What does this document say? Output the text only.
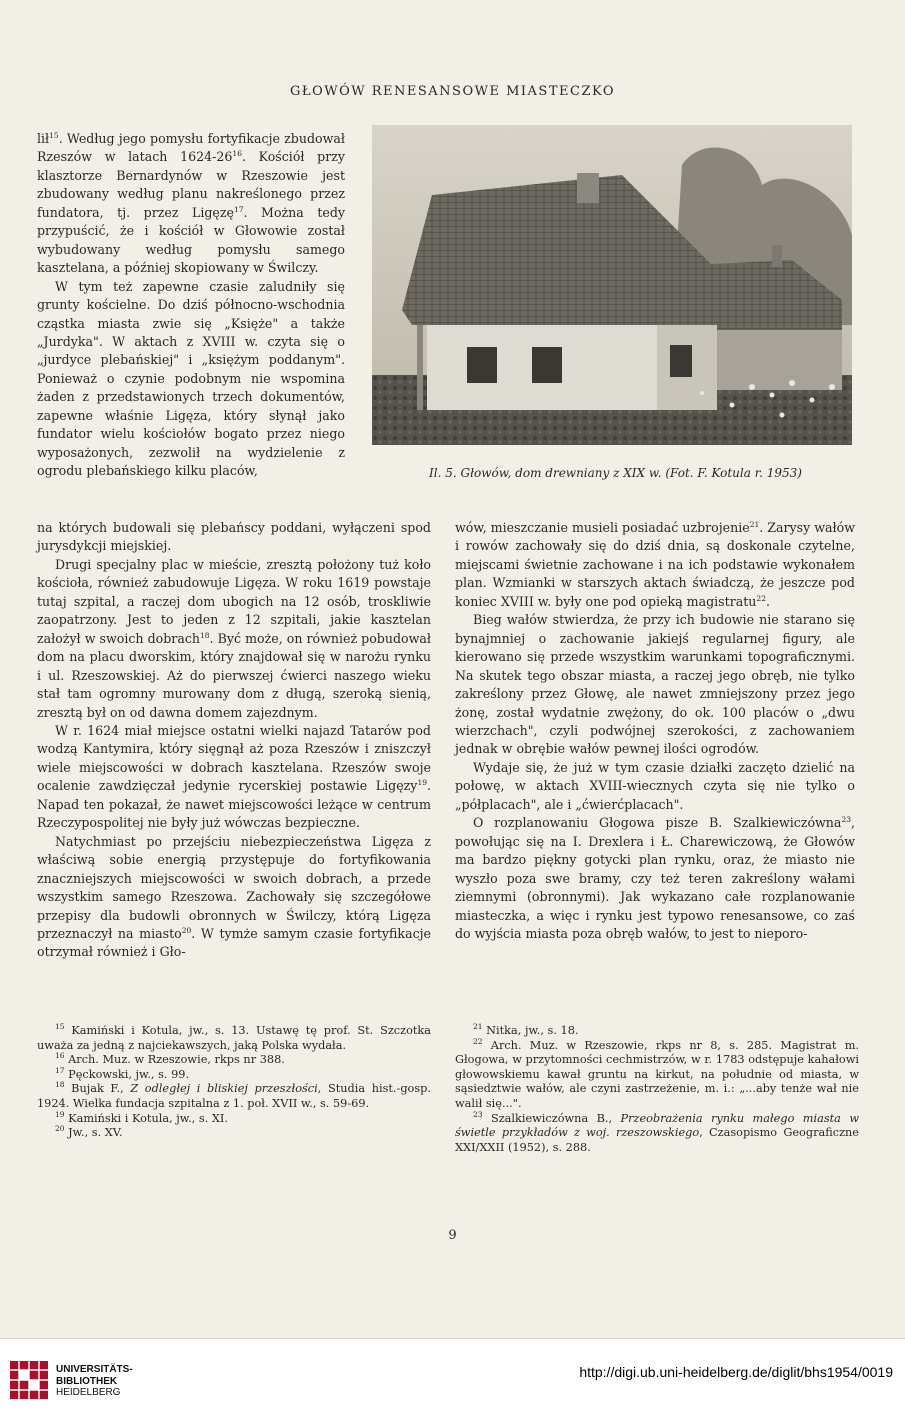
GŁOWÓW RENESANSOWE MIASTECZKO

lił$^{15}$. Według jego pomysłu fortyfikacje zbudował Rzeszów w latach $1624-26^{16}$. Kościół przy klasztorze Bernardynów w Rzeszowie jest zbudowany według planu nakreślonego przez fundatora, tj. przez Ligęzę$^{17}$. Można tedy przypuścić, że i kościół w Głowowie został wybudowany według pomysłu samego kasztelana, a później skopiowany w Świlczy.

W tym też zapewne czasie zaludniły się grunty kościelne. Do dziś północno-wschodnia cząstka miasta zwie się „Księże" a także „Jurdyka". W aktach z XVIII w. czyta się o „jurdyce plebańskiej" i „księżym poddanym". Ponieważ o czynie podobnym nie wspomina żaden z przedstawionych trzech dokumentów, zapewne właśnie Ligęza, który słynął jako fundator wielu kościołów bogato przez niego wyposażonych, zezwolił na wydzielenie z ogrodu plebańskiego kilku placów,	Il. 5. Głowów, dom drewniany z XIX w. (Fot. F. Kotula r. 1953)

na których budowali się plebańscy poddani, wyłączeni spod jurysdykcji miejskiej.

Drugi specjalny plac w mieście, zresztą położony tuż koło kościoła, również zabudowuje Ligęza. W roku 1619 powstaje tutaj szpital, a raczej dom ubogich na 12 osób, troskliwie zaopatrzony. Jest to jeden z 12 szpitali, jakie kasztelan założył w swoich dobrach$^{18}$. Być może, on również pobudował dom na placu dworskim, który znajdował się w narożu rynku i ul. Rzeszowskiej. Aż do pierwszej ćwierci naszego wieku stał tam ogromny murowany dom z długą, szeroką sienią, zresztą był on od dawna domem zajezdnym.

W r. 1624 miał miejsce ostatni wielki najazd Tatarów pod wodzą Kantymira, który sięgnął aż poza Rzeszów i zniszczył wiele miejscowości w dobrach kasztelana. Rzeszów swoje ocalenie zawdzięczał jedynie rycerskiej postawie Ligęzy$^{19}$. Napad ten pokazał, że nawet miejscowości leżące w centrum Rzeczypospolitej nie były już wówczas bezpieczne.

Natychmiast po przejściu niebezpieczeństwa Ligęza z właściwą sobie energią przystępuje do fortyfikowania znaczniejszych miejscowości w swoich dobrach, a przede wszystkim samego Rzeszowa. Zachowały się szczegółowe przepisy dla budowli obronnych w Świlczy, którą Ligęza przeznaczył na miasto$^{20}$. W tymże samym czasie fortyfikacje otrzymał również i Gło-

wów, mieszczanie musieli posiadać uzbrojenie$^{21}$. Zarysy wałów i rowów zachowały się do dziś dnia, są doskonale czytelne, miejscami świetnie zachowane i na ich podstawie wykonałem plan. Wzmianki w starszych aktach świadczą, że jeszcze pod koniec XVIII w. były one pod opieką magistratu$^{22}$.

Bieg wałów stwierdza, że przy ich budowie nie starano się bynajmniej o zachowanie jakiejś regularnej figury, ale kierowano się przede wszystkim warunkami topograficznymi. Na skutek tego obszar miasta, a raczej jego obręb, nie tylko zakreślony przez Głowę, ale nawet zmniejszony przez jego żonę, został wydatnie zwężony, do ok. 100 placów o „dwu wierzchach", czyli podwójnej szerokości, z zachowaniem jednak w obrębie wałów pewnej ilości ogrodów.

Wydaje się, że już w tym czasie działki zaczęto dzielić na połowę, w aktach XVIII-wiecznych czyta się nie tylko o „półplacach", ale i „ćwierćplacach".

O rozplanowaniu Głogowa pisze B. Szalkiewiczówna$^{23}$, powołując się na I. Drexlera i Ł. Charewiczową, że Głowów ma bardzo piękny gotycki plan rynku, oraz, że miasto nie wyszło poza swe bramy, czy też teren zakreślony wałami ziemnymi (obronnymi). Jak wykazano całe rozplanowanie miasteczka, a więc i rynku jest typowo renesansowe, co zaś do wyjścia miasta poza obręb wałów, to jest to nieporo-

$^{15}$ Kamiński i Kotula, jw., s. 13. Ustawę tę prof. St. Szczotka uważa za jedną z najciekawszych, jaką Polska wydała.

$^{16}$ Arch. Muz. w Rzeszowie, rkps nr 388.

$^{17}$ Pęckowski, jw., s. 99.

$^{18}$ Bujak F., Z odległej i bliskiej przeszłości, Studia hist.-gosp. 1924. Wielka fundacja szpitalna z 1. poł. XVII w., s. 59-69.

$^{19}$ Kamiński i Kotula, jw., s. XI.

$^{20}$ Jw., s. XV.

$^{21}$ Nitka, jw., s. 18.

$^{22}$ Arch. Muz. w Rzeszowie, rkps nr 8, s. 285. Magistrat m. Głogowa, w przytomności cechmistrzów, w r. 1783 odstępuje kahałowi głowowskiemu kawał gruntu na kirkut, na południe od miasta, w sąsiedztwie wałów, ale czyni zastrzeżenie, m. i.: „...aby tenże wał nie walił się...".

$^{23}$ Szalkiewiczówna B., Przeobrażenia rynku małego miasta w świetle przykładów z woj. rzeszowskiego, Czasopismo Geograficzne XXI/XXII (1952), s. 288.

9
UNIVERSITÄTS-
BIBLIOTHEK
HEIDELBERG
http://digi.ub.uni-heidelberg.de/diglit/bhs1954/0019
